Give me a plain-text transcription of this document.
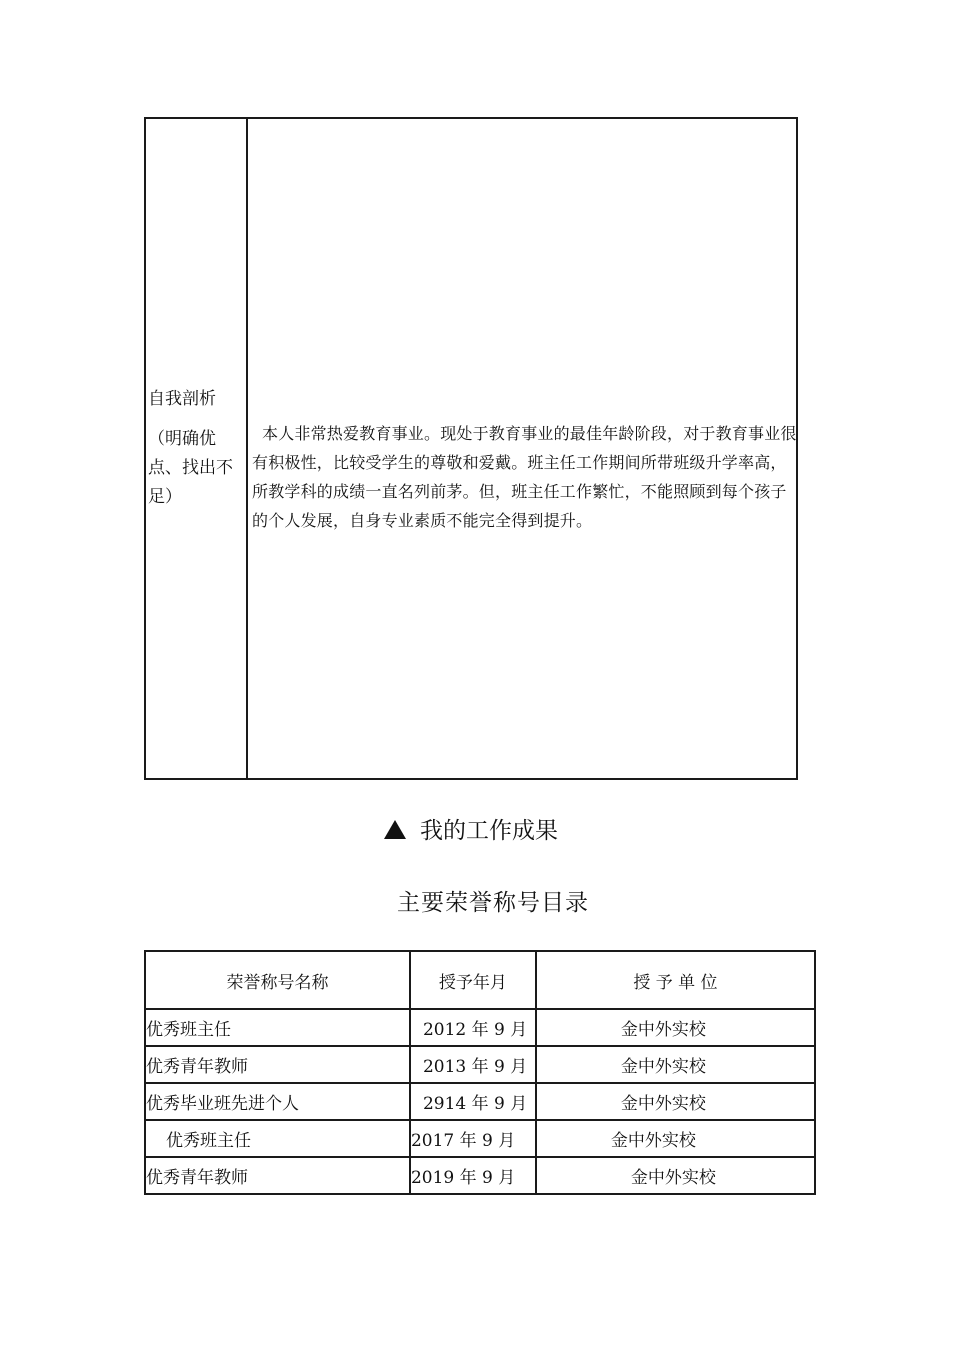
自我剖析
（明确优点、找出不足）
本人非常热爱教育事业。现处于教育事业的最佳年龄阶段，对于教育事业很有积极性，比较受学生的尊敬和爱戴。班主任工作期间所带班级升学率高，所教学科的成绩一直名列前茅。但，班主任工作繁忙，不能照顾到每个孩子的个人发展，自身专业素质不能完全得到提升。
我的工作成果
主要荣誉称号目录
荣誉称号名称	授予年月	授 予 单 位
优秀班主任	2012 年 9 月	金中外实校
优秀青年教师	2013 年 9 月	金中外实校
优秀毕业班先进个人	2914 年 9 月	金中外实校
优秀班主任	2017 年 9 月	金中外实校
优秀青年教师	2019 年 9 月	金中外实校
